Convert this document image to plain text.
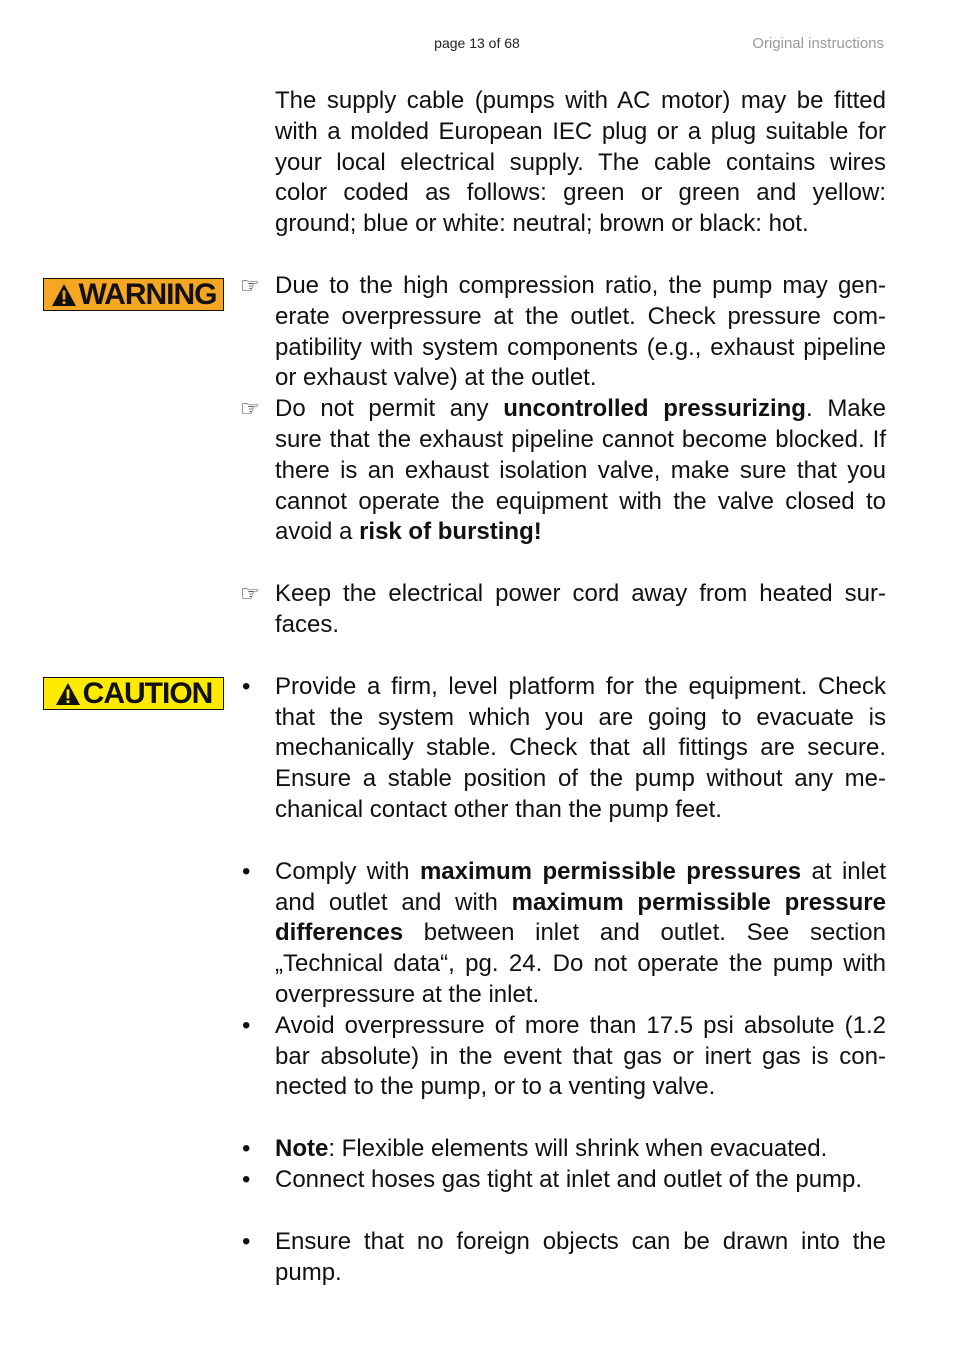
page 13 of 68	Original instructions
WARNING
CAUTION

The supply cable (pumps with AC motor) may be fitted with a molded European IEC plug or a plug suitable for your local electrical supply. The cable contains wires color coded as follows: green or green and yellow: ground; blue or white: neutral; brown or black: hot.

☞ Due to the high compression ratio, the pump may generate overpressure at the outlet. Check pressure compatibility with system components (e.g., exhaust pipeline or exhaust valve) at the outlet.

☞ Do not permit any uncontrolled pressurizing. Make sure that the exhaust pipeline cannot become blocked. If there is an exhaust isolation valve, make sure that you cannot operate the equipment with the valve closed to avoid a risk of bursting!

☞ Keep the electrical power cord away from heated surfaces.

• Provide a firm, level platform for the equipment. Check that the system which you are going to evacuate is mechanically stable. Check that all fittings are secure. Ensure a stable position of the pump without any mechanical contact other than the pump feet.

• Comply with maximum permissible pressures at inlet and outlet and with maximum permissible pressure differences between inlet and outlet. See section „Technical data“, pg. 24. Do not operate the pump with overpressure at the inlet.

• Avoid overpressure of more than 17.5 psi absolute (1.2 bar absolute) in the event that gas or inert gas is connected to the pump, or to a venting valve.

• Note: Flexible elements will shrink when evacuated.

• Connect hoses gas tight at inlet and outlet of the pump.

• Ensure that no foreign objects can be drawn into the pump.
